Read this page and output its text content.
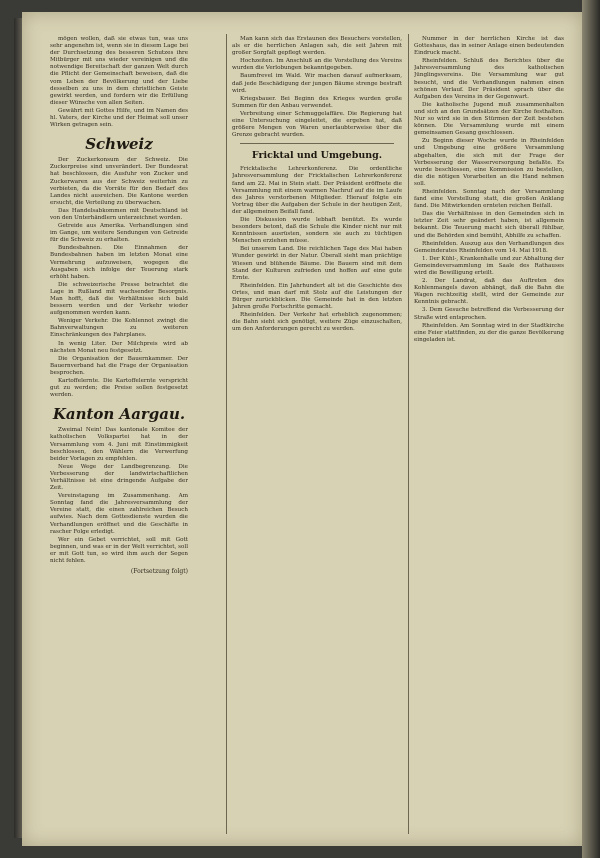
mögen wollen, daß sie etwas tun, was uns sehr angenehm ist, wenn sie in diesem Lage bei der Durchsetzung des besseren Schutzes ihre Mitbürger mit uns wieder vereinigen und die notwendige Bereitschaft der ganzen Welt durch die Pflicht der Gemeinschaft beweisen, daß die vom Leben der Bevölkerung und der Liebe desselben zu uns in dem christlichen Geiste gewirkt werden, und fordern wir die Erfüllung dieser Wünsche von allen Seiten.

Gewährt mit Gottes Hilfe, und im Namen des hl. Vaters, der Kirche und der Heimat soll unser Wirken getragen sein.

Schweiz

Der Zuckerkonsum der Schweiz. Die Zuckerpreise sind unverändert. Der Bundesrat hat beschlossen, die Ausfuhr von Zucker und Zuckerwaren aus der Schweiz weiterhin zu verbieten, da die Vorräte für den Bedarf des Landes nicht ausreichen. Die Kantone werden ersucht, die Verteilung zu überwachen.

Das Handelsabkommen mit Deutschland ist von den Unterhändlern unterzeichnet worden.

Getreide aus Amerika. Verhandlungen sind im Gange, um weitere Sendungen von Getreide für die Schweiz zu erhalten.

Bundesbahnen. Die Einnahmen der Bundesbahnen haben im letzten Monat eine Vermehrung aufzuweisen, wogegen die Ausgaben sich infolge der Teuerung stark erhöht haben.

Die schweizerische Presse betrachtet die Lage in Rußland mit wachsender Besorgnis. Man hofft, daß die Verhältnisse sich bald bessern werden und der Verkehr wieder aufgenommen werden kann.

Weniger Verkehr. Die Kohlennot zwingt die Bahnverwaltungen zu weiteren Einschränkungen des Fahrplanes.

In wenig Liter. Der Milchpreis wird ab nächsten Monat neu festgesetzt.

Die Organisation der Bauernkammer. Der Bauernverband hat die Frage der Organisation besprochen.

Kartoffelernte. Die Kartoffelernte verspricht gut zu werden; die Preise sollen festgesetzt werden.

Kanton Aargau.

Zweimal Nein! Das kantonale Komitee der katholischen Volkspartei hat in der Versammlung vom 4. Juni mit Einstimmigkeit beschlossen, den Wählern die Verwerfung beider Vorlagen zu empfehlen.

Neue Wege der Landbegrenzung. Die Verbesserung der landwirtschaftlichen Verhältnisse ist eine dringende Aufgabe der Zeit.

Vereinstagung im Zusammenhang. Am Sonntag fand die Jahresversammlung der Vereine statt, die einen zahlreichen Besuch aufwies. Nach dem Gottesdienste wurden die Verhandlungen eröffnet und die Geschäfte in rascher Folge erledigt.

Wer ein Gebet verrichtet, soll mit Gott beginnen, und was er in der Welt verrichtet, soll er mit Gott tun, so wird ihm auch der Segen nicht fehlen.

(Fortsetzung folgt)

Man kann sich das Erstaunen des Besuchers vorstellen, als er die herrlichen Anlagen sah, die seit Jahren mit großer Sorgfalt gepflegt werden.

Hochzeiten. Im Anschluß an die Vorstellung des Vereins wurden die Verlobungen bekanntgegeben.

Baumfrevel im Wald. Wir machen darauf aufmerksam, daß jede Beschädigung der jungen Bäume strenge bestraft wird.

Kriegsbauer. Bei Beginn des Krieges wurden große Summen für den Anbau verwendet.

Verbreitung einer Schmuggelaffäre. Die Regierung hat eine Untersuchung eingeleitet, die ergeben hat, daß größere Mengen von Waren unerlaubterweise über die Grenze gebracht wurden.

Fricktal und Umgebung.

Fricktalische Lehrerkonferenz. Die ordentliche Jahresversammlung der Fricktalischen Lehrerkonferenz fand am 22. Mai in Stein statt. Der Präsident eröffnete die Versammlung mit einem warmen Nachruf auf die im Laufe des Jahres verstorbenen Mitglieder. Hierauf folgte ein Vortrag über die Aufgaben der Schule in der heutigen Zeit, der allgemeinen Beifall fand.

Die Diskussion wurde lebhaft benützt. Es wurde besonders betont, daß die Schule die Kinder nicht nur mit Kenntnissen ausrüsten, sondern sie auch zu tüchtigen Menschen erziehen müsse.

Bei unserem Land. Die reichlichen Tage des Mai haben Wunder gewirkt in der Natur. Überall sieht man prächtige Wiesen und blühende Bäume. Die Bauern sind mit dem Stand der Kulturen zufrieden und hoffen auf eine gute Ernte.

Rheinfelden. Ein Jahrhundert alt ist die Geschichte des Ortes, und man darf mit Stolz auf die Leistungen der Bürger zurückblicken. Die Gemeinde hat in den letzten Jahren große Fortschritte gemacht.

Rheinfelden. Der Verkehr hat erheblich zugenommen; die Bahn sieht sich genötigt, weitere Züge einzuschalten, um den Anforderungen gerecht zu werden.

Nummer in der herrlichen Kirche ist das Gotteshaus, das in seiner Anlage einen bedeutenden Eindruck macht.

Rheinfelden. Schluß des Berichtes über die Jahresversammlung des katholischen Jünglingsvereins. Die Versammlung war gut besucht, und die Verhandlungen nahmen einen schönen Verlauf. Der Präsident sprach über die Aufgaben des Vereins in der Gegenwart.

Die katholische Jugend muß zusammenhalten und sich an den Grundsätzen der Kirche festhalten. Nur so wird sie in den Stürmen der Zeit bestehen können. Die Versammlung wurde mit einem gemeinsamen Gesang geschlossen.

Zu Beginn dieser Woche wurde in Rheinfelden und Umgebung eine größere Versammlung abgehalten, die sich mit der Frage der Verbesserung der Wasserversorgung befaßte. Es wurde beschlossen, eine Kommission zu bestellen, die die nötigen Vorarbeiten an die Hand nehmen soll.

Rheinfelden. Sonntag nach der Versammlung fand eine Vorstellung statt, die großen Anklang fand. Die Mitwirkenden ernteten reichen Beifall.

Das die Verhältnisse in den Gemeinden sich in letzter Zeit sehr geändert haben, ist allgemein bekannt. Die Teuerung macht sich überall fühlbar, und die Behörden sind bemüht, Abhilfe zu schaffen.

Rheinfelden. Auszug aus den Verhandlungen des Gemeinderates Rheinfelden vom 14. Mai 1918.

1. Der Kühl-, Krankenhalle und zur Abhaltung der Gemeindeversammlung im Saale des Rathauses wird die Bewilligung erteilt.

2. Der Landrat, daß das Auftreten des Kohlenmangels davon abhängt, daß die Bahn die Wagen rechtzeitig stellt, wird der Gemeinde zur Kenntnis gebracht.

3. Dem Gesuche betreffend die Verbesserung der Straße wird entsprochen.

Rheinfelden. Am Sonntag wird in der Stadtkirche eine Feier stattfinden, zu der die ganze Bevölkerung eingeladen ist.
